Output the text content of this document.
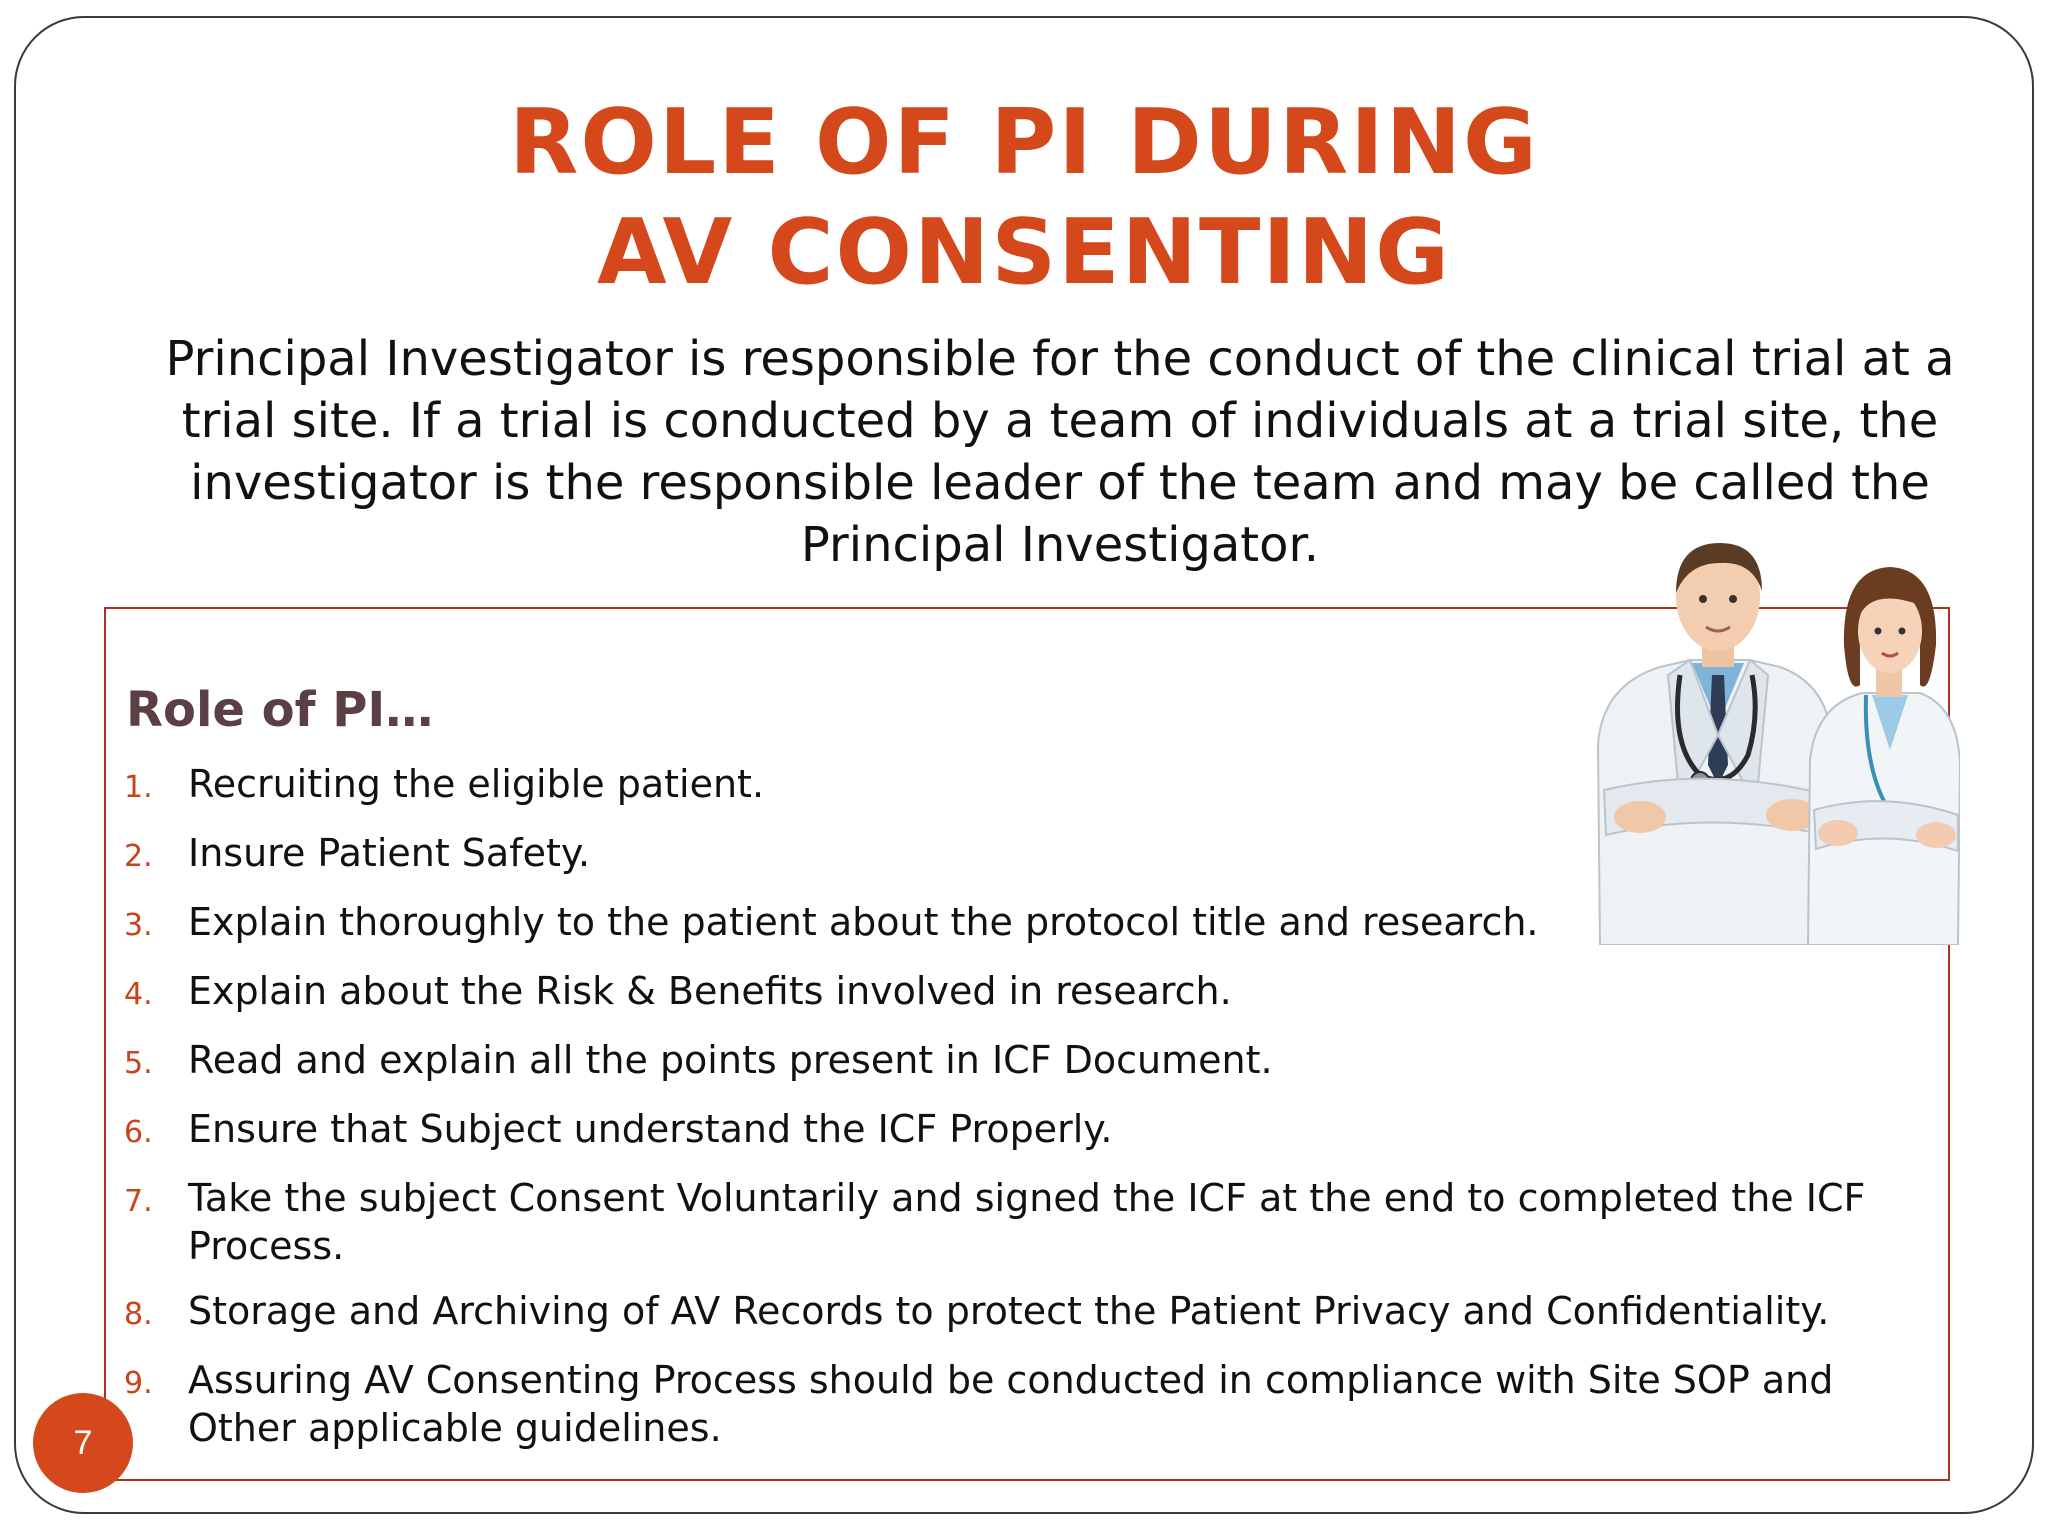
ROLE OF PI DURING
AV CONSENTING

Principal Investigator is responsible for the conduct of the clinical trial at a trial site. If a trial is conducted by a team of individuals at a trial site, the investigator is the responsible leader of the team and may be called the Principal Investigator.

Role of PI…
1. Recruiting the eligible patient.
2. Insure Patient Safety.
3. Explain thoroughly to the patient about the protocol title and research.
4. Explain about the Risk & Benefits involved in research.
5. Read and explain all the points present in ICF Document.
6. Ensure that Subject understand the ICF Properly.
7. Take the subject Consent Voluntarily and signed the ICF at the end to completed the ICF Process.
8. Storage and Archiving of AV Records to protect the Patient Privacy and Confidentiality.
9. Assuring AV Consenting Process should be conducted in compliance with Site SOP and Other applicable guidelines.
7
